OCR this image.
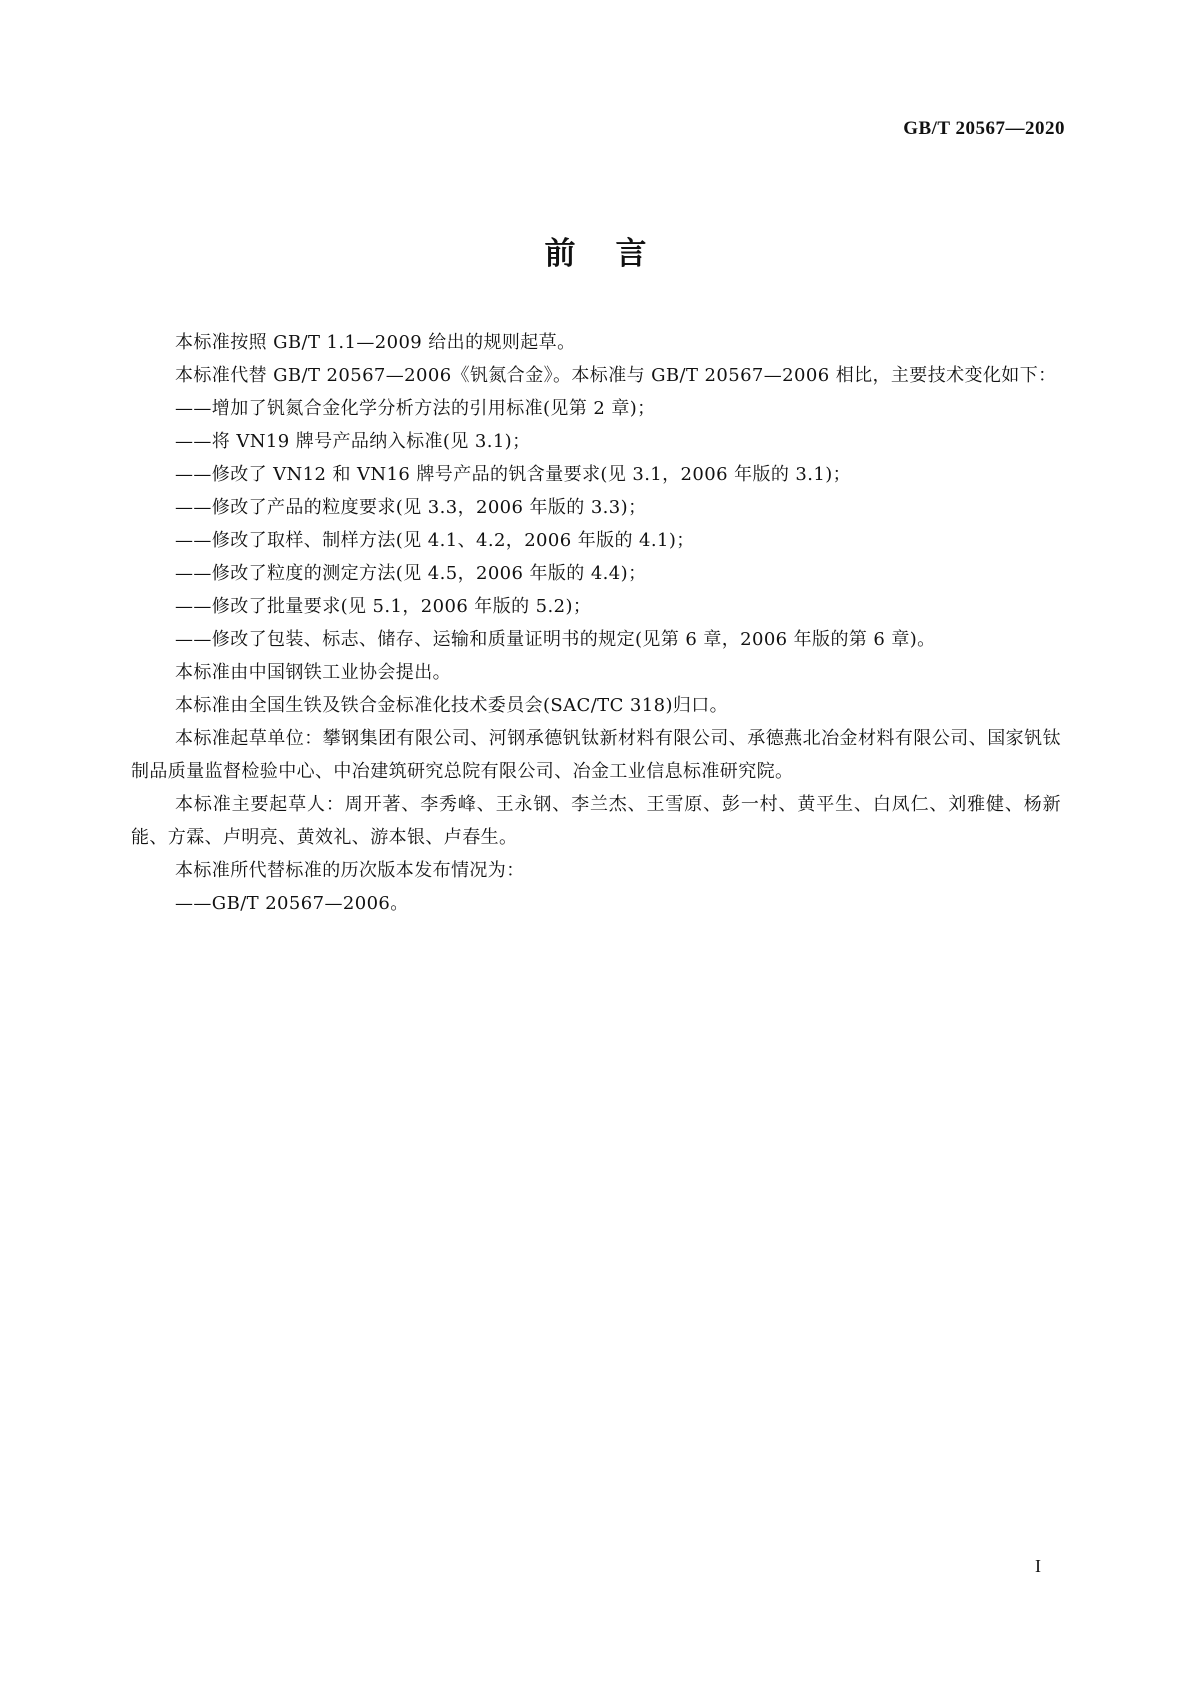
GB/T 20567—2020
前言

本标准按照 GB/T 1.1—2009 给出的规则起草。

本标准代替 GB/T 20567—2006《钒氮合金》。本标准与 GB/T 20567—2006 相比，主要技术变化如下：

——增加了钒氮合金化学分析方法的引用标准(见第 2 章)；

——将 VN19 牌号产品纳入标准(见 3.1)；

——修改了 VN12 和 VN16 牌号产品的钒含量要求(见 3.1，2006 年版的 3.1)；

——修改了产品的粒度要求(见 3.3，2006 年版的 3.3)；

——修改了取样、制样方法(见 4.1、4.2，2006 年版的 4.1)；

——修改了粒度的测定方法(见 4.5，2006 年版的 4.4)；

——修改了批量要求(见 5.1，2006 年版的 5.2)；

——修改了包装、标志、储存、运输和质量证明书的规定(见第 6 章，2006 年版的第 6 章)。

本标准由中国钢铁工业协会提出。

本标准由全国生铁及铁合金标准化技术委员会(SAC/TC 318)归口。

本标准起草单位：攀钢集团有限公司、河钢承德钒钛新材料有限公司、承德燕北冶金材料有限公司、国家钒钛制品质量监督检验中心、中冶建筑研究总院有限公司、冶金工业信息标准研究院。

本标准主要起草人：周开著、李秀峰、王永钢、李兰杰、王雪原、彭一村、黄平生、白凤仁、刘雅健、杨新能、方霖、卢明亮、黄效礼、游本银、卢春生。

本标准所代替标准的历次版本发布情况为：

——GB/T 20567—2006。

I
